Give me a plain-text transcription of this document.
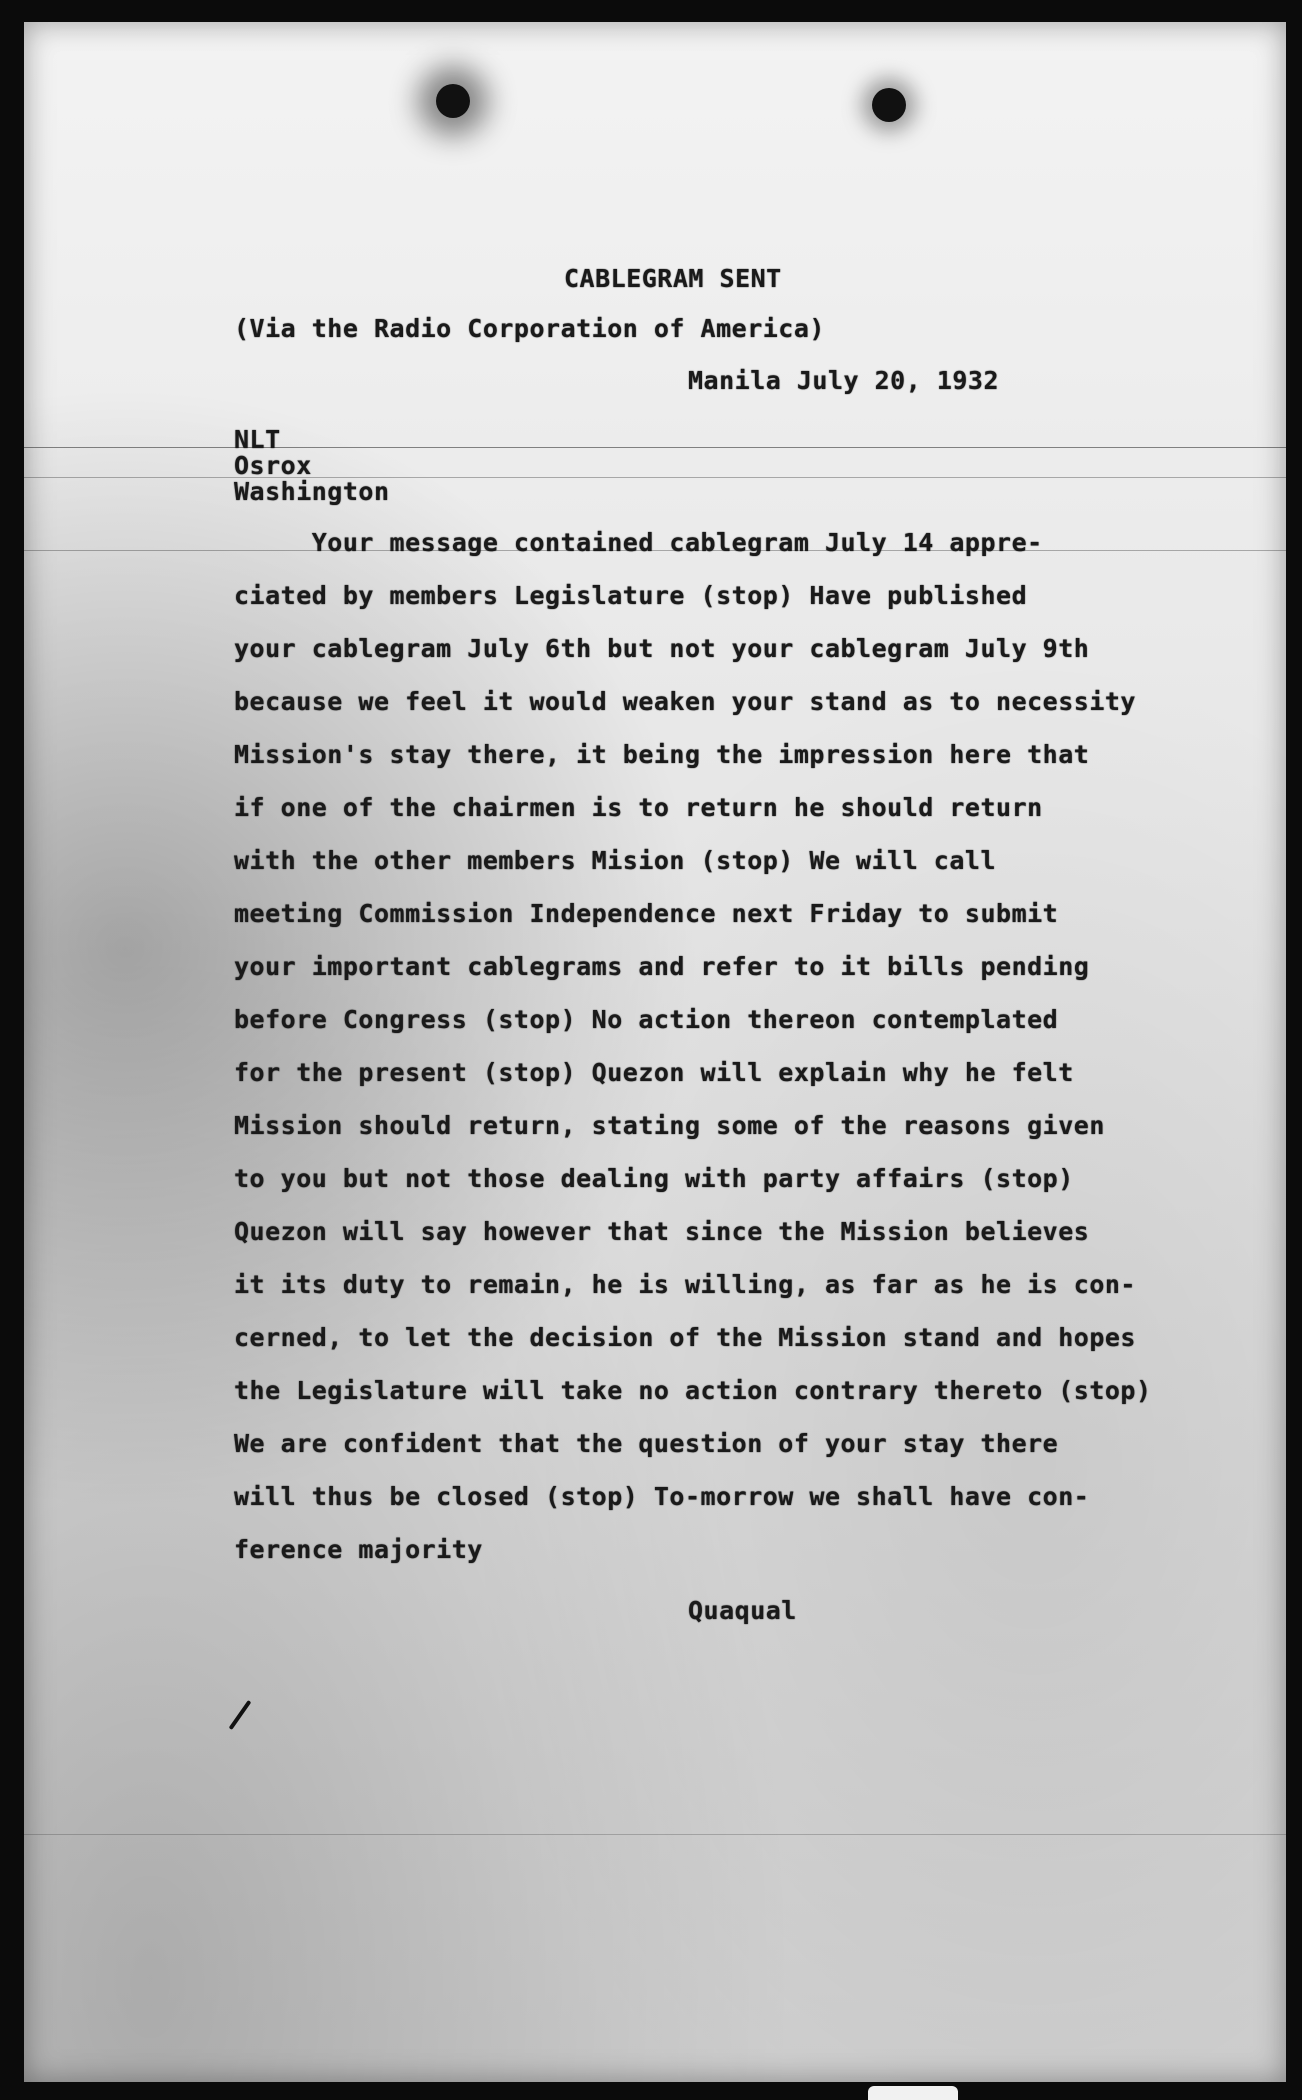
CABLEGRAM SENT
(Via the Radio Corporation of America)
Manila July 20, 1932
NLT
Osrox
Washington
Your message contained cablegram July 14 appre-
ciated by members Legislature (stop) Have published
your cablegram July 6th but not your cablegram July 9th
because we feel it would weaken your stand as to necessity
Mission's stay there, it being the impression here that
if one of the chairmen is to return he should return
with the other members Mision (stop) We will call
meeting Commission Independence next Friday to submit
your important cablegrams and refer to it bills pending
before Congress (stop) No action thereon contemplated
for the present (stop) Quezon will explain why he felt
Mission should return, stating some of the reasons given
to you but not those dealing with party affairs (stop)
Quezon will say however that since the Mission believes
it its duty to remain, he is willing, as far as he is con-
cerned, to let the decision of the Mission stand and hopes
the Legislature will take no action contrary thereto (stop)
We are confident that the question of your stay there
will thus be closed (stop) To-morrow we shall have con-
ference majority
Quaqual
